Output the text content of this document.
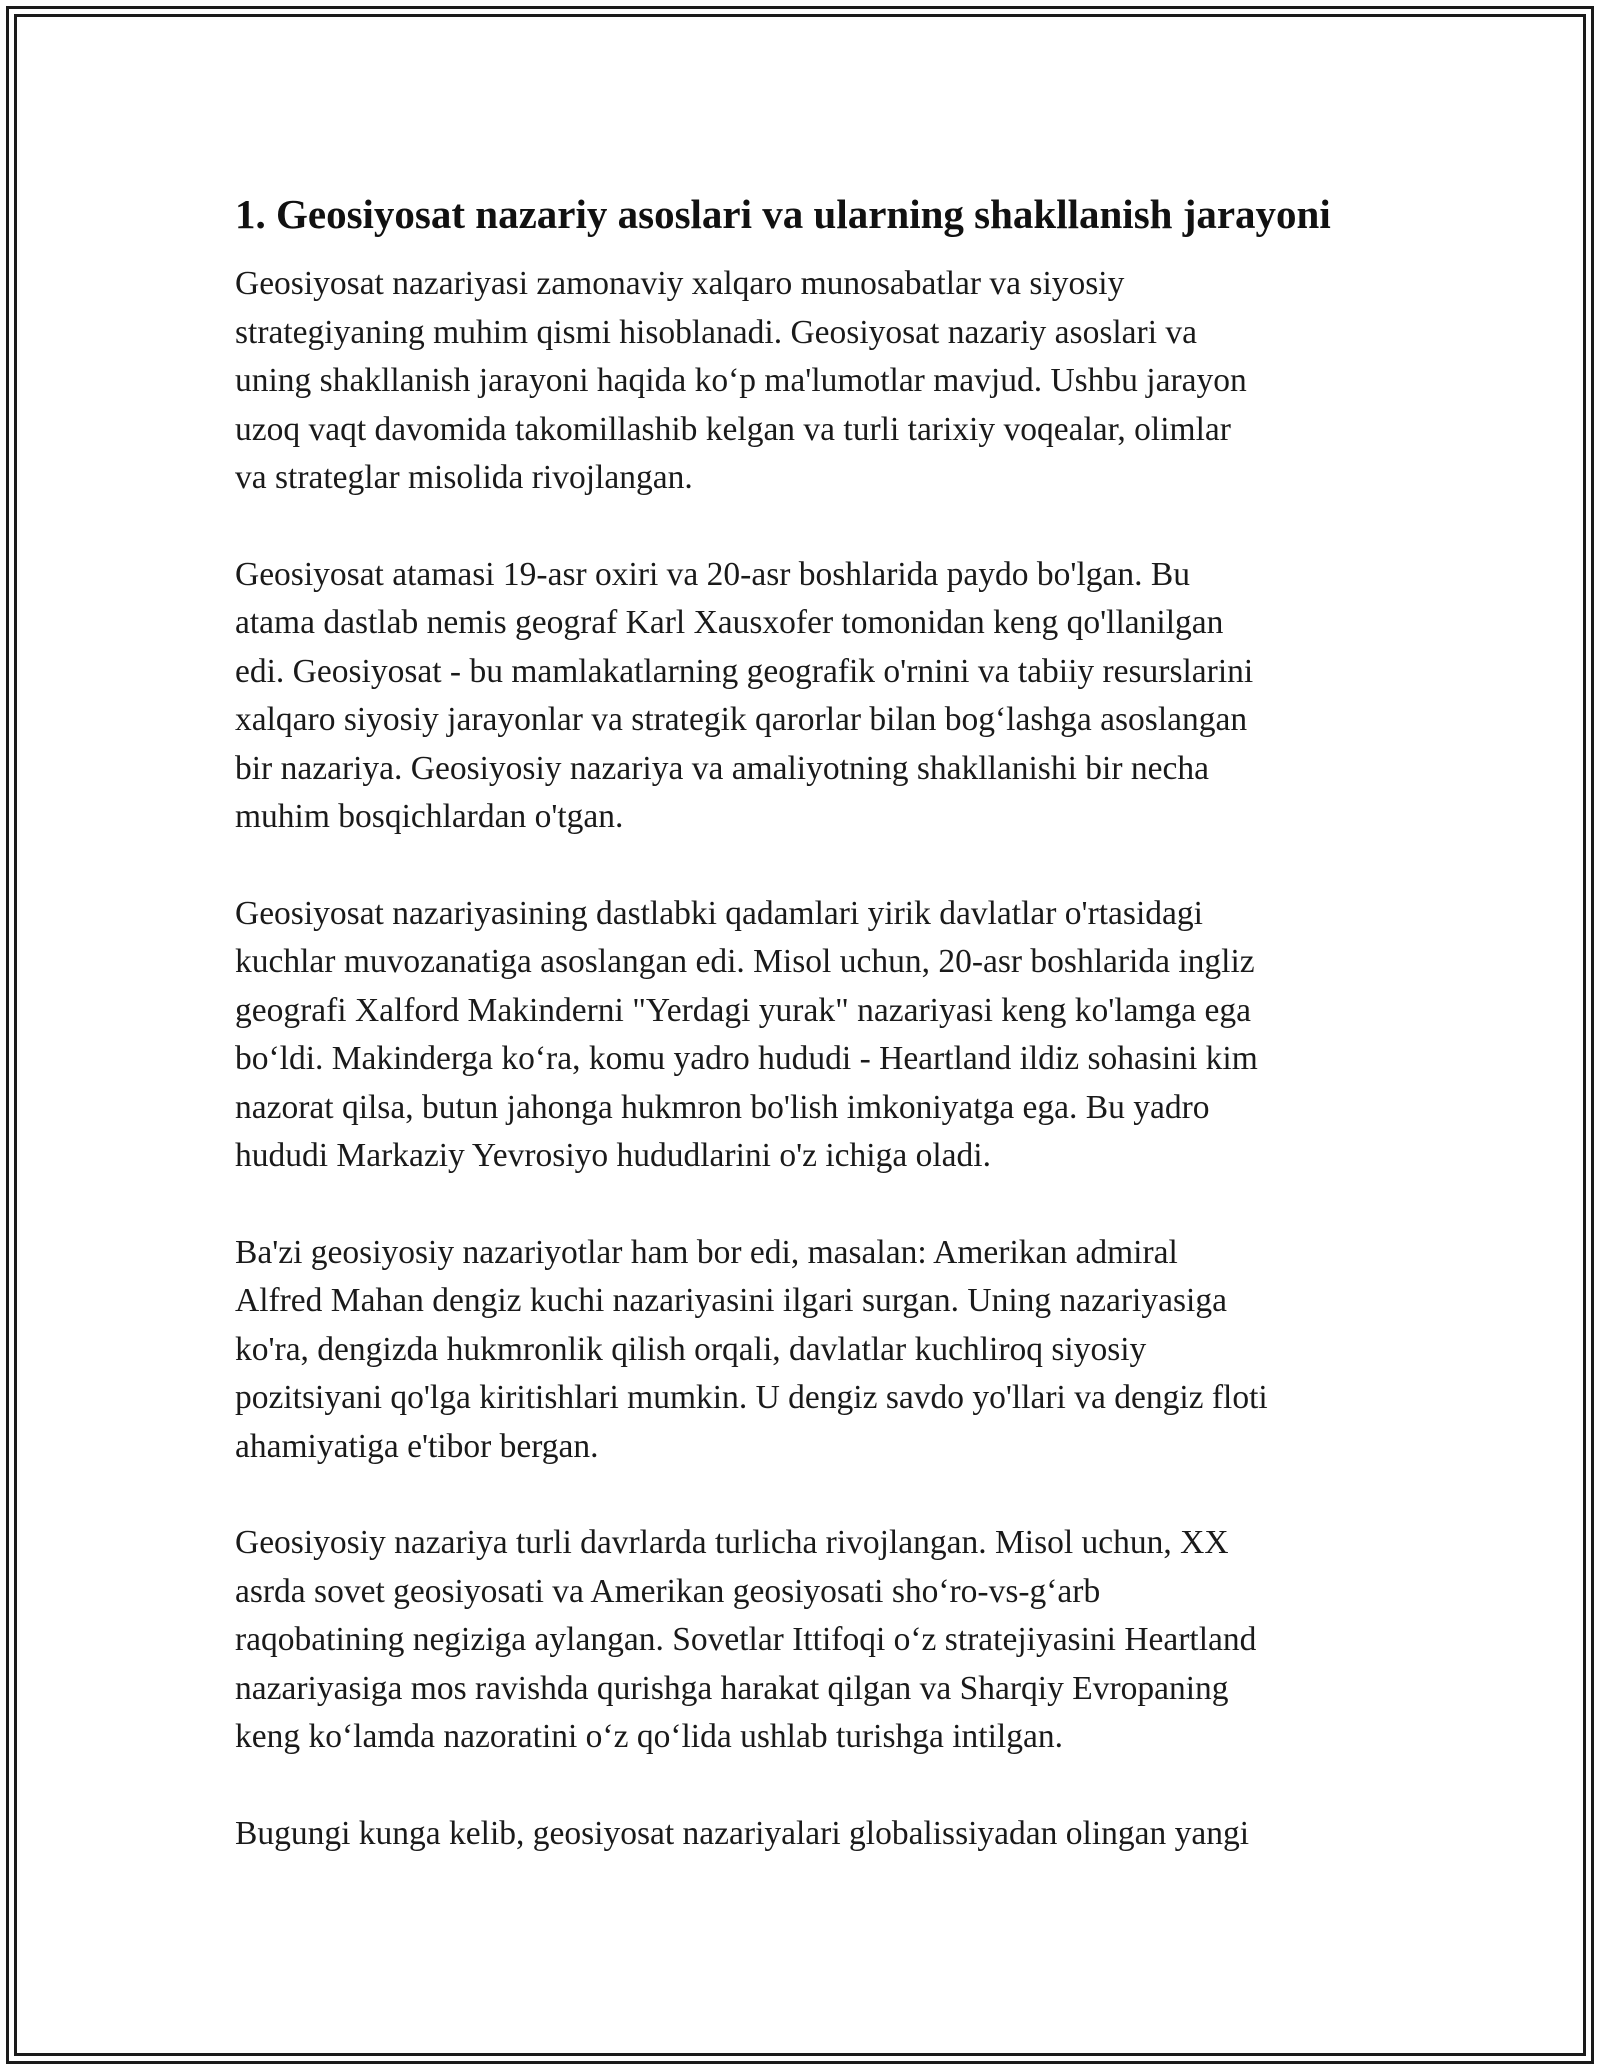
1. Geosiyosat nazariy asoslari va ularning shakllanish jarayoni

Geosiyosat nazariyasi zamonaviy xalqaro munosabatlar va siyosiy
strategiyaning muhim qismi hisoblanadi. Geosiyosat nazariy asoslari va
uning shakllanish jarayoni haqida koʻp ma'lumotlar mavjud. Ushbu jarayon
uzoq vaqt davomida takomillashib kelgan va turli tarixiy voqealar, olimlar
va strateglar misolida rivojlangan.

Geosiyosat atamasi 19-asr oxiri va 20-asr boshlarida paydo bo'lgan. Bu
atama dastlab nemis geograf Karl Xausxofer tomonidan keng qo'llanilgan
edi. Geosiyosat - bu mamlakatlarning geografik o'rnini va tabiiy resurslarini
xalqaro siyosiy jarayonlar va strategik qarorlar bilan bogʻlashga asoslangan
bir nazariya. Geosiyosiy nazariya va amaliyotning shakllanishi bir necha
muhim bosqichlardan o'tgan.

Geosiyosat nazariyasining dastlabki qadamlari yirik davlatlar o'rtasidagi
kuchlar muvozanatiga asoslangan edi. Misol uchun, 20-asr boshlarida ingliz
geografi Xalford Makinderni "Yerdagi yurak" nazariyasi keng ko'lamga ega
boʻldi. Makinderga koʻra, komu yadro hududi - Heartland ildiz sohasini kim
nazorat qilsa, butun jahonga hukmron bo'lish imkoniyatga ega. Bu yadro
hududi Markaziy Yevrosiyo hududlarini o'z ichiga oladi.

Ba'zi geosiyosiy nazariyotlar ham bor edi, masalan: Amerikan admiral
Alfred Mahan dengiz kuchi nazariyasini ilgari surgan. Uning nazariyasiga
ko'ra, dengizda hukmronlik qilish orqali, davlatlar kuchliroq siyosiy
pozitsiyani qo'lga kiritishlari mumkin. U dengiz savdo yo'llari va dengiz floti
ahamiyatiga e'tibor bergan.

Geosiyosiy nazariya turli davrlarda turlicha rivojlangan. Misol uchun, XX
asrda sovet geosiyosati va Amerikan geosiyosati shoʻro-vs-gʻarb
raqobatining negiziga aylangan. Sovetlar Ittifoqi oʻz stratejiyasini Heartland
nazariyasiga mos ravishda qurishga harakat qilgan va Sharqiy Evropaning
keng koʻlamda nazoratini oʻz qoʻlida ushlab turishga intilgan.

Bugungi kunga kelib, geosiyosat nazariyalari globalissiyadan olingan yangi
